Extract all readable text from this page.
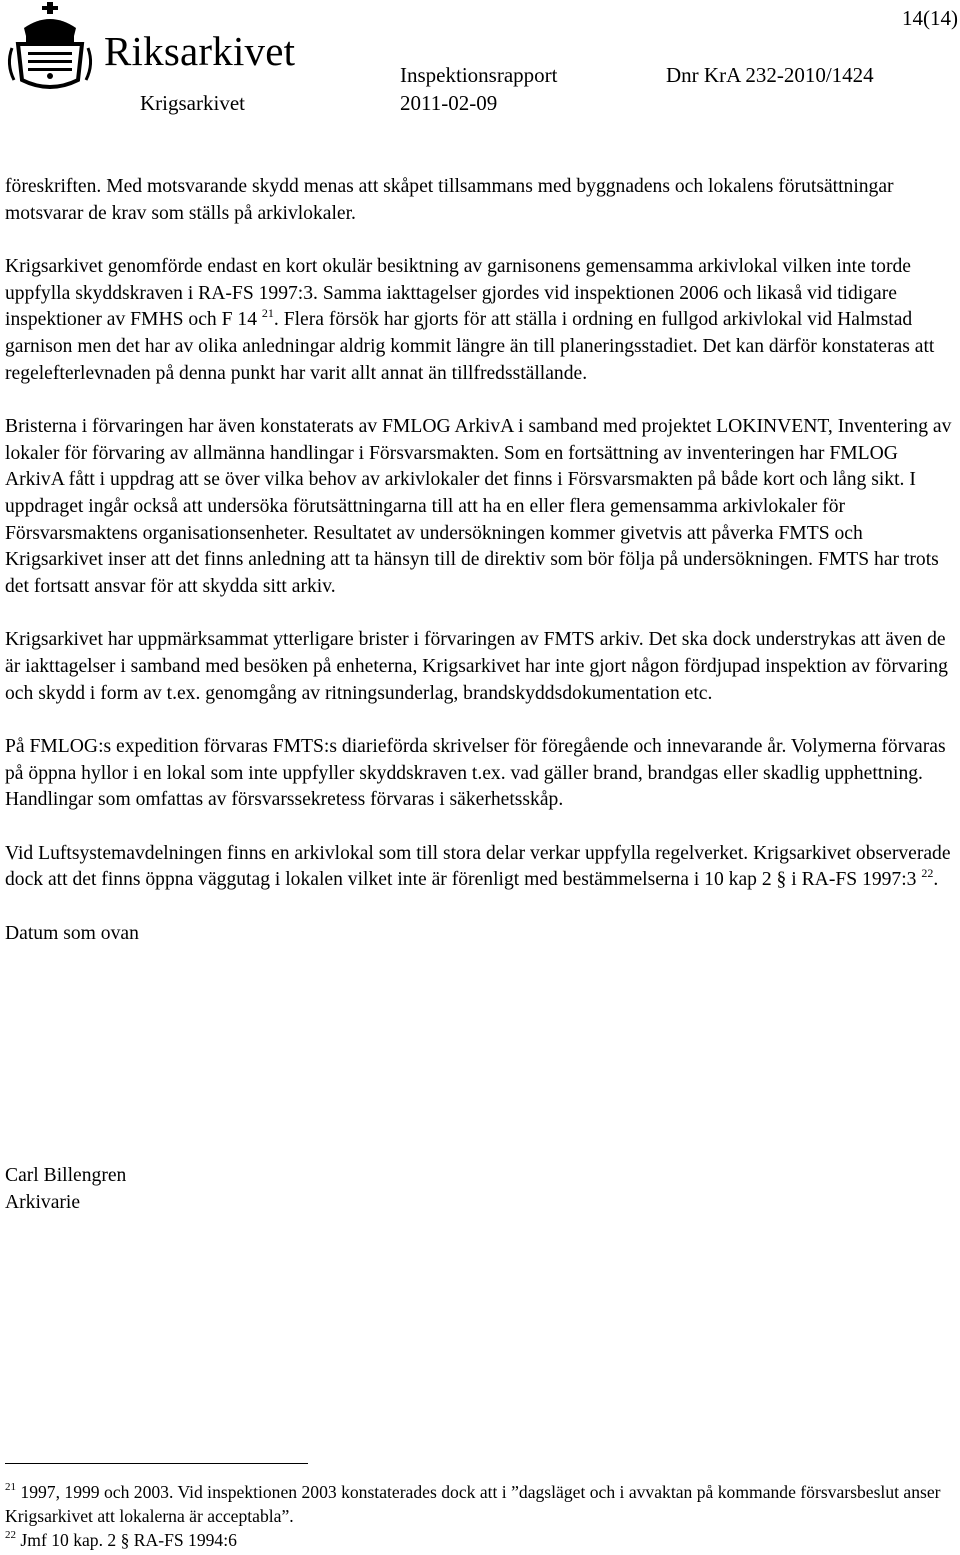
Riksarkivet
14(14)
Inspektionsrapport	Dnr KrA 232-2010/1424
Krigsarkivet	2011-02-09

föreskriften. Med motsvarande skydd menas att skåpet tillsammans med byggnadens och lokalens förutsättningar motsvarar de krav som ställs på arkivlokaler.

Krigsarkivet genomförde endast en kort okulär besiktning av garnisonens gemensamma arkivlokal vilken inte torde uppfylla skyddskraven i RA-FS 1997:3. Samma iakttagelser gjordes vid inspektionen 2006 och likaså vid tidigare inspektioner av FMHS och F 14 $^{21}$. Flera försök har gjorts för att ställa i ordning en fullgod arkivlokal vid Halmstad garnison men det har av olika anledningar aldrig kommit längre än till planeringsstadiet. Det kan därför konstateras att regelefterlevnaden på denna punkt har varit allt annat än tillfredsställande.

Bristerna i förvaringen har även konstaterats av FMLOG ArkivA i samband med projektet LOKINVENT, Inventering av lokaler för förvaring av allmänna handlingar i Försvarsmakten. Som en fortsättning av inventeringen har FMLOG ArkivA fått i uppdrag att se över vilka behov av arkivlokaler det finns i Försvarsmakten på både kort och lång sikt. I uppdraget ingår också att undersöka förutsättningarna till att ha en eller flera gemensamma arkivlokaler för Försvarsmaktens organisationsenheter. Resultatet av undersökningen kommer givetvis att påverka FMTS och Krigsarkivet inser att det finns anledning att ta hänsyn till de direktiv som bör följa på undersökningen. FMTS har trots det fortsatt ansvar för att skydda sitt arkiv.

Krigsarkivet har uppmärksammat ytterligare brister i förvaringen av FMTS arkiv. Det ska dock understrykas att även de är iakttagelser i samband med besöken på enheterna, Krigsarkivet har inte gjort någon fördjupad inspektion av förvaring och skydd i form av t.ex. genomgång av ritningsunderlag, brandskyddsdokumentation etc.

På FMLOG:s expedition förvaras FMTS:s diarieförda skrivelser för föregående och innevarande år. Volymerna förvaras på öppna hyllor i en lokal som inte uppfyller skyddskraven t.ex. vad gäller brand, brandgas eller skadlig upphettning. Handlingar som omfattas av försvarssekretess förvaras i säkerhetsskåp.

Vid Luftsystemavdelningen finns en arkivlokal som till stora delar verkar uppfylla regelverket. Krigsarkivet observerade dock att det finns öppna väggutag i lokalen vilket inte är förenligt med bestämmelserna i 10 kap 2 § i RA-FS 1997:3 $^{22}$.

Datum som ovan

Carl Billengren
Arkivarie

$^{21}$ 1997, 1999 och 2003. Vid inspektionen 2003 konstaterades dock att i ”dagsläget och i avvaktan på kommande försvarsbeslut anser Krigsarkivet att lokalerna är acceptabla”.

$^{22}$ Jmf 10 kap. 2 § RA-FS 1994:6
